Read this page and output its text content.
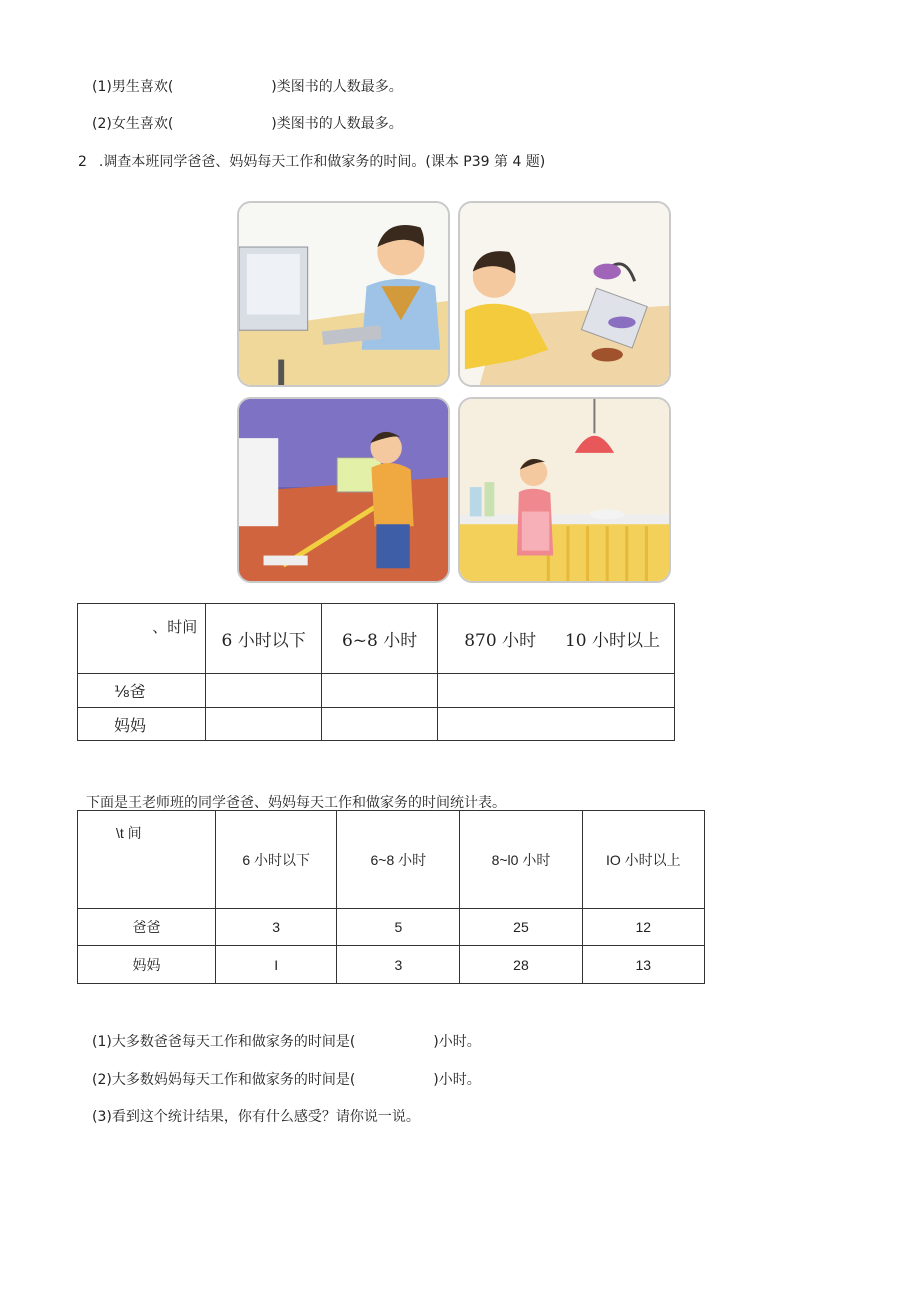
(1)男生喜欢(	)类图书的人数最多。
(2)女生喜欢(	)类图书的人数最多。
2 .调查本班同学爸爸、妈妈每天工作和做家务的时间。(课本 P39 第 4 题)
、时间	6 小时以下	6~8 小时	870 小时 10 小时以上

⅛爸			
妈妈			
下面是王老师班的同学爸爸、妈妈每天工作和做家务的时间统计表。
\t 间	6 小时以下	6~8 小时	8~l0 小时	IO 小时以上
爸爸	3	5	25	12
妈妈	I	3	28	13
(1)大多数爸爸每天工作和做家务的时间是(	)小时。
(2)大多数妈妈每天工作和做家务的时间是(	)小时。
(3)看到这个统计结果，你有什么感受？请你说一说。
